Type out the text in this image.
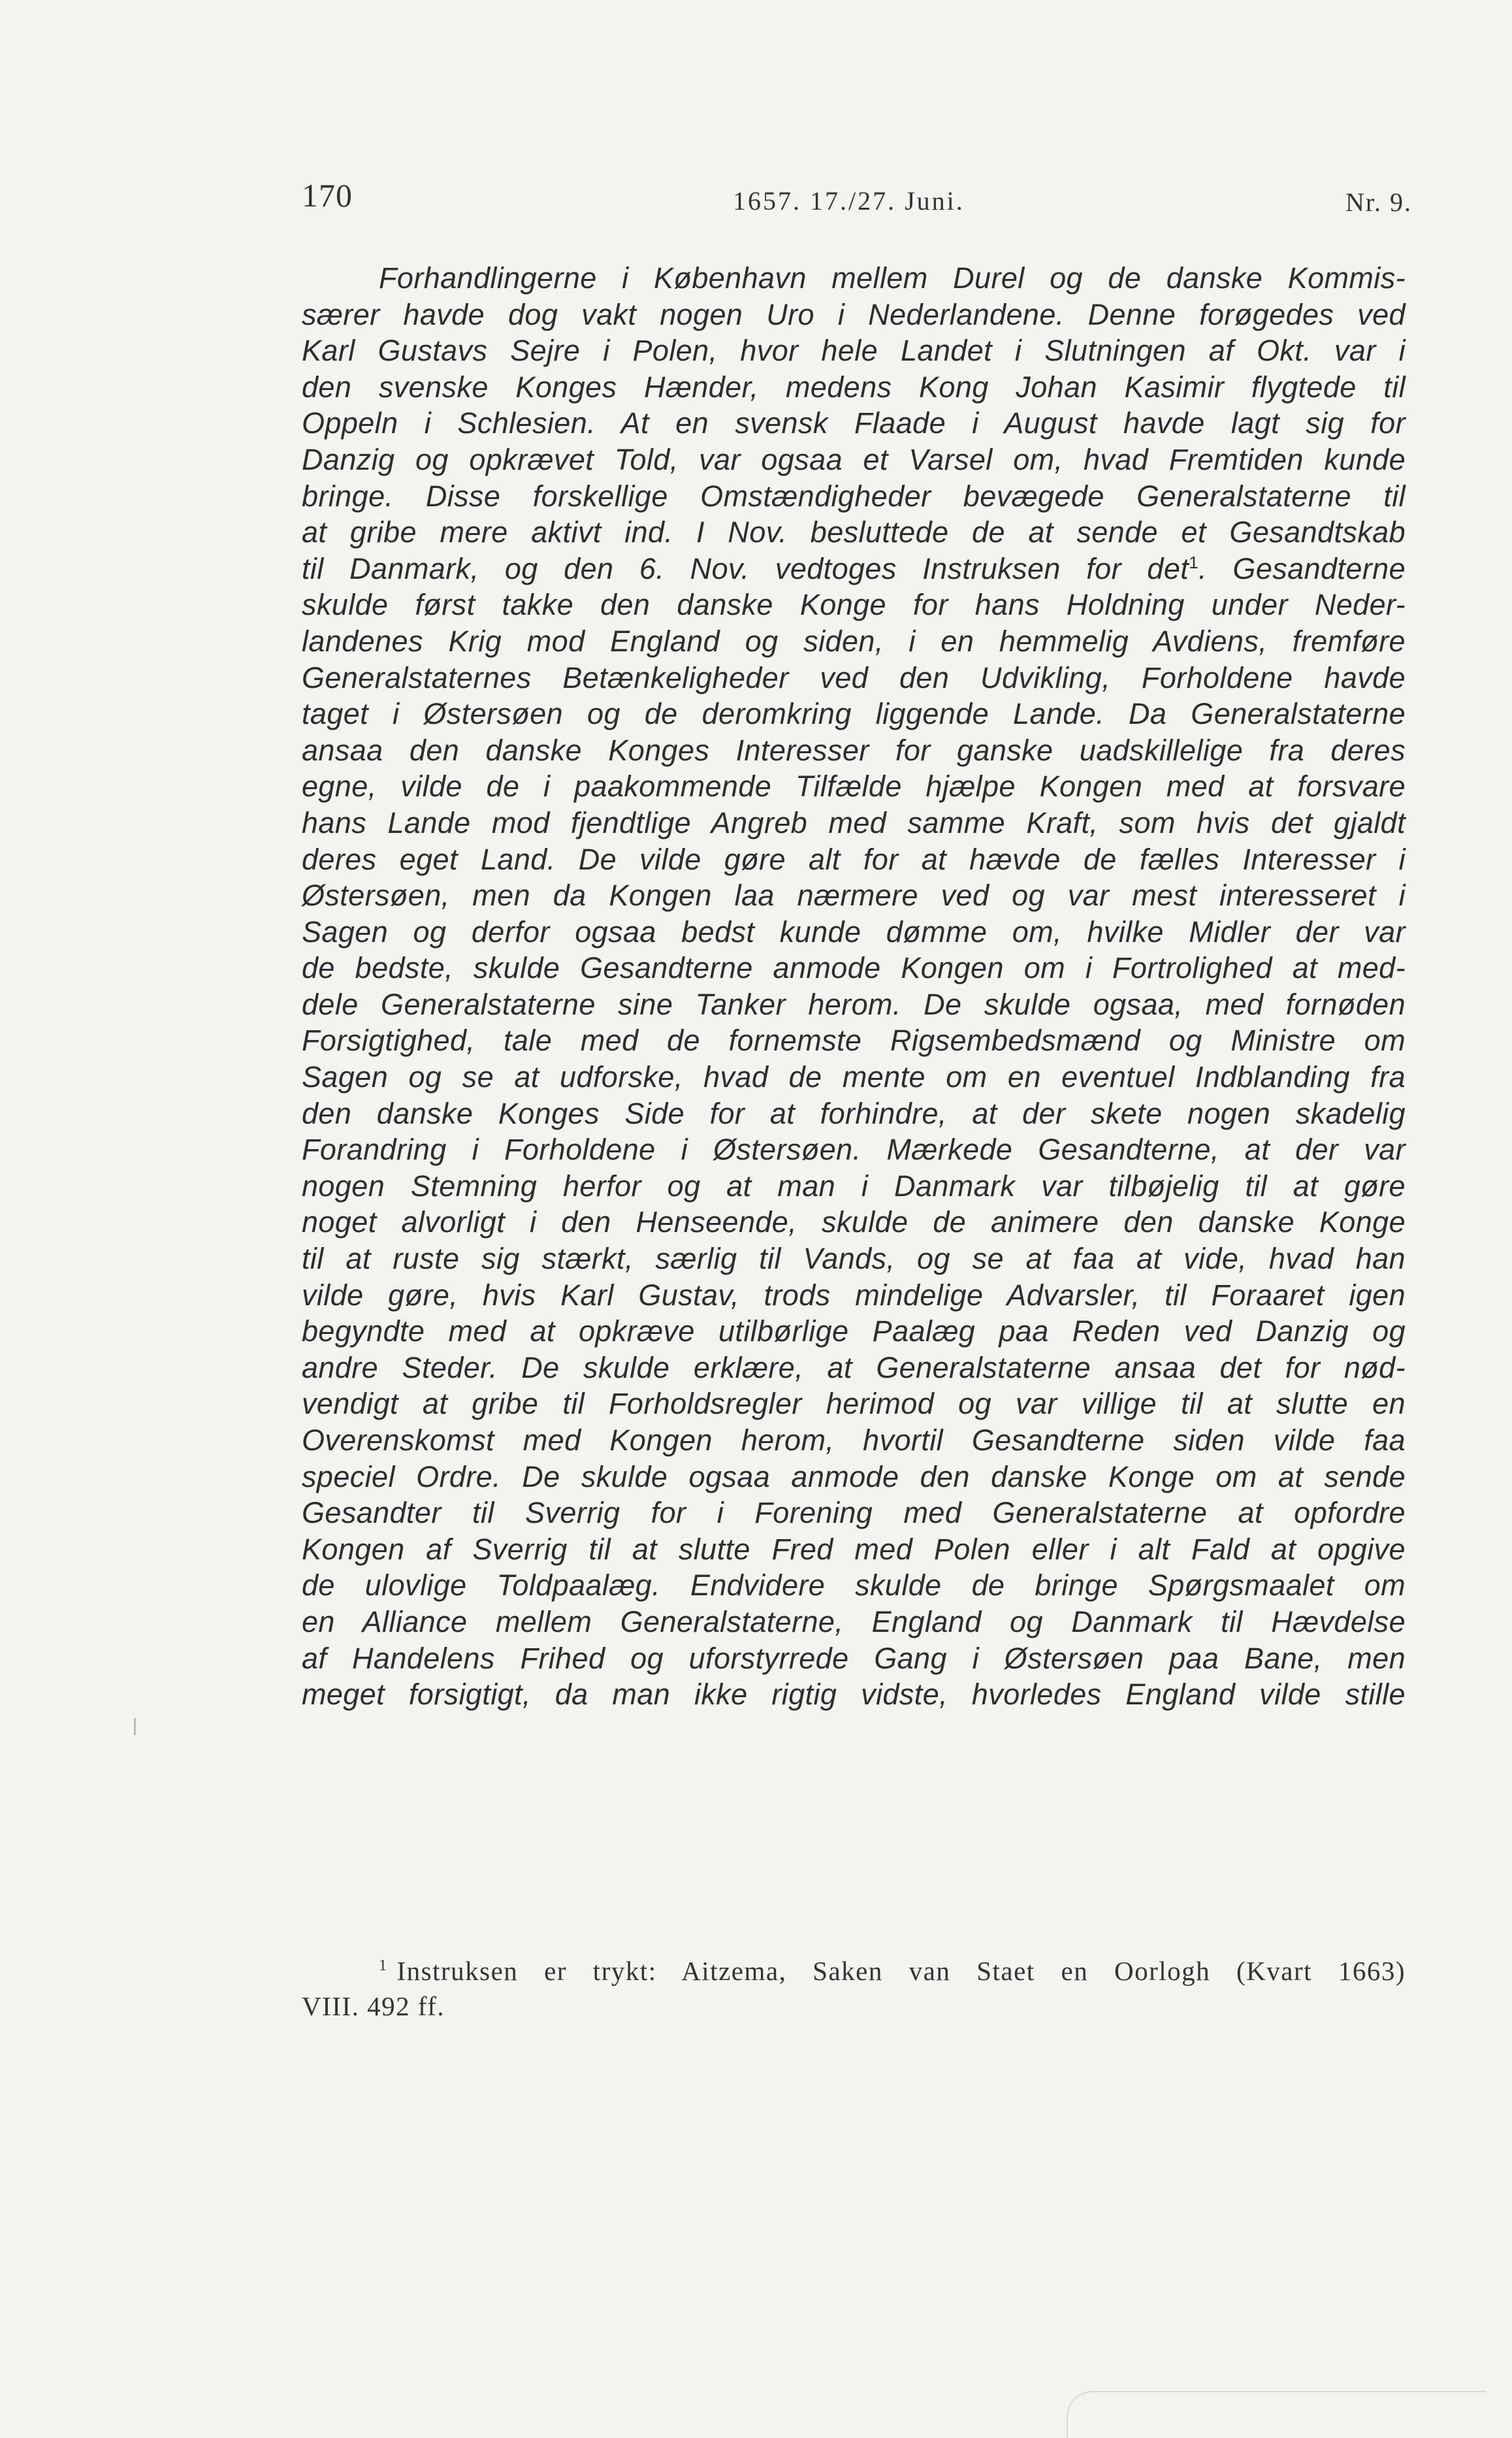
170	1657. 17./27. Juni.	Nr. 9.
Forhandlingerne i København mellem Durel og de danske Kommis-
særer havde dog vakt nogen Uro i Nederlandene. Denne forøgedes ved
Karl Gustavs Sejre i Polen, hvor hele Landet i Slutningen af Okt. var i
den svenske Konges Hænder, medens Kong Johan Kasimir flygtede til
Oppeln i Schlesien. At en svensk Flaade i August havde lagt sig for
Danzig og opkrævet Told, var ogsaa et Varsel om, hvad Fremtiden kunde
bringe. Disse forskellige Omstændigheder bevægede Generalstaterne til
at gribe mere aktivt ind. I Nov. besluttede de at sende et Gesandtskab
til Danmark, og den 6. Nov. vedtoges Instruksen for $\det^1$. Gesandterne
skulde først takke den danske Konge for hans Holdning under Neder-
landenes Krig mod England og siden, i en hemmelig Avdiens, fremføre
Generalstaternes Betænkeligheder ved den Udvikling, Forholdene havde
taget i Østersøen og de deromkring liggende Lande. Da Generalstaterne
ansaa den danske Konges Interesser for ganske uadskillelige fra deres
egne, vilde de i paakommende Tilfælde hjælpe Kongen med at forsvare
hans Lande mod fjendtlige Angreb med samme Kraft, som hvis det gjaldt
deres eget Land. De vilde gøre alt for at hævde de fælles Interesser i
Østersøen, men da Kongen laa nærmere ved og var mest interesseret i
Sagen og derfor ogsaa bedst kunde dømme om, hvilke Midler der var
de bedste, skulde Gesandterne anmode Kongen om i Fortrolighed at med-
dele Generalstaterne sine Tanker herom. De skulde ogsaa, med fornøden
Forsigtighed, tale med de fornemste Rigsembedsmænd og Ministre om
Sagen og se at udforske, hvad de mente om en eventuel Indblanding fra
den danske Konges Side for at forhindre, at der skete nogen skadelig
Forandring i Forholdene i Østersøen. Mærkede Gesandterne, at der var
nogen Stemning herfor og at man i Danmark var tilbøjelig til at gøre
noget alvorligt i den Henseende, skulde de animere den danske Konge
til at ruste sig stærkt, særlig til Vands, og se at faa at vide, hvad han
vilde gøre, hvis Karl Gustav, trods mindelige Advarsler, til Foraaret igen
begyndte med at opkræve utilbørlige Paalæg paa Reden ved Danzig og
andre Steder. De skulde erklære, at Generalstaterne ansaa det for nød-
vendigt at gribe til Forholdsregler herimod og var villige til at slutte en
Overenskomst med Kongen herom, hvortil Gesandterne siden vilde faa
speciel Ordre. De skulde ogsaa anmode den danske Konge om at sende
Gesandter til Sverrig for i Forening med Generalstaterne at opfordre
Kongen af Sverrig til at slutte Fred med Polen eller i alt Fald at opgive
de ulovlige Toldpaalæg. Endvidere skulde de bringe Spørgsmaalet om
en Alliance mellem Generalstaterne, England og Danmark til Hævdelse
af Handelens Frihed og uforstyrrede Gang i Østersøen paa Bane, men
meget forsigtigt, da man ikke rigtig vidste, hvorledes England vilde stille
$^1$ Instruksen er trykt: Aitzema, Saken van Staet en Oorlogh (Kvart 1663)
VIII. 492 ff.
